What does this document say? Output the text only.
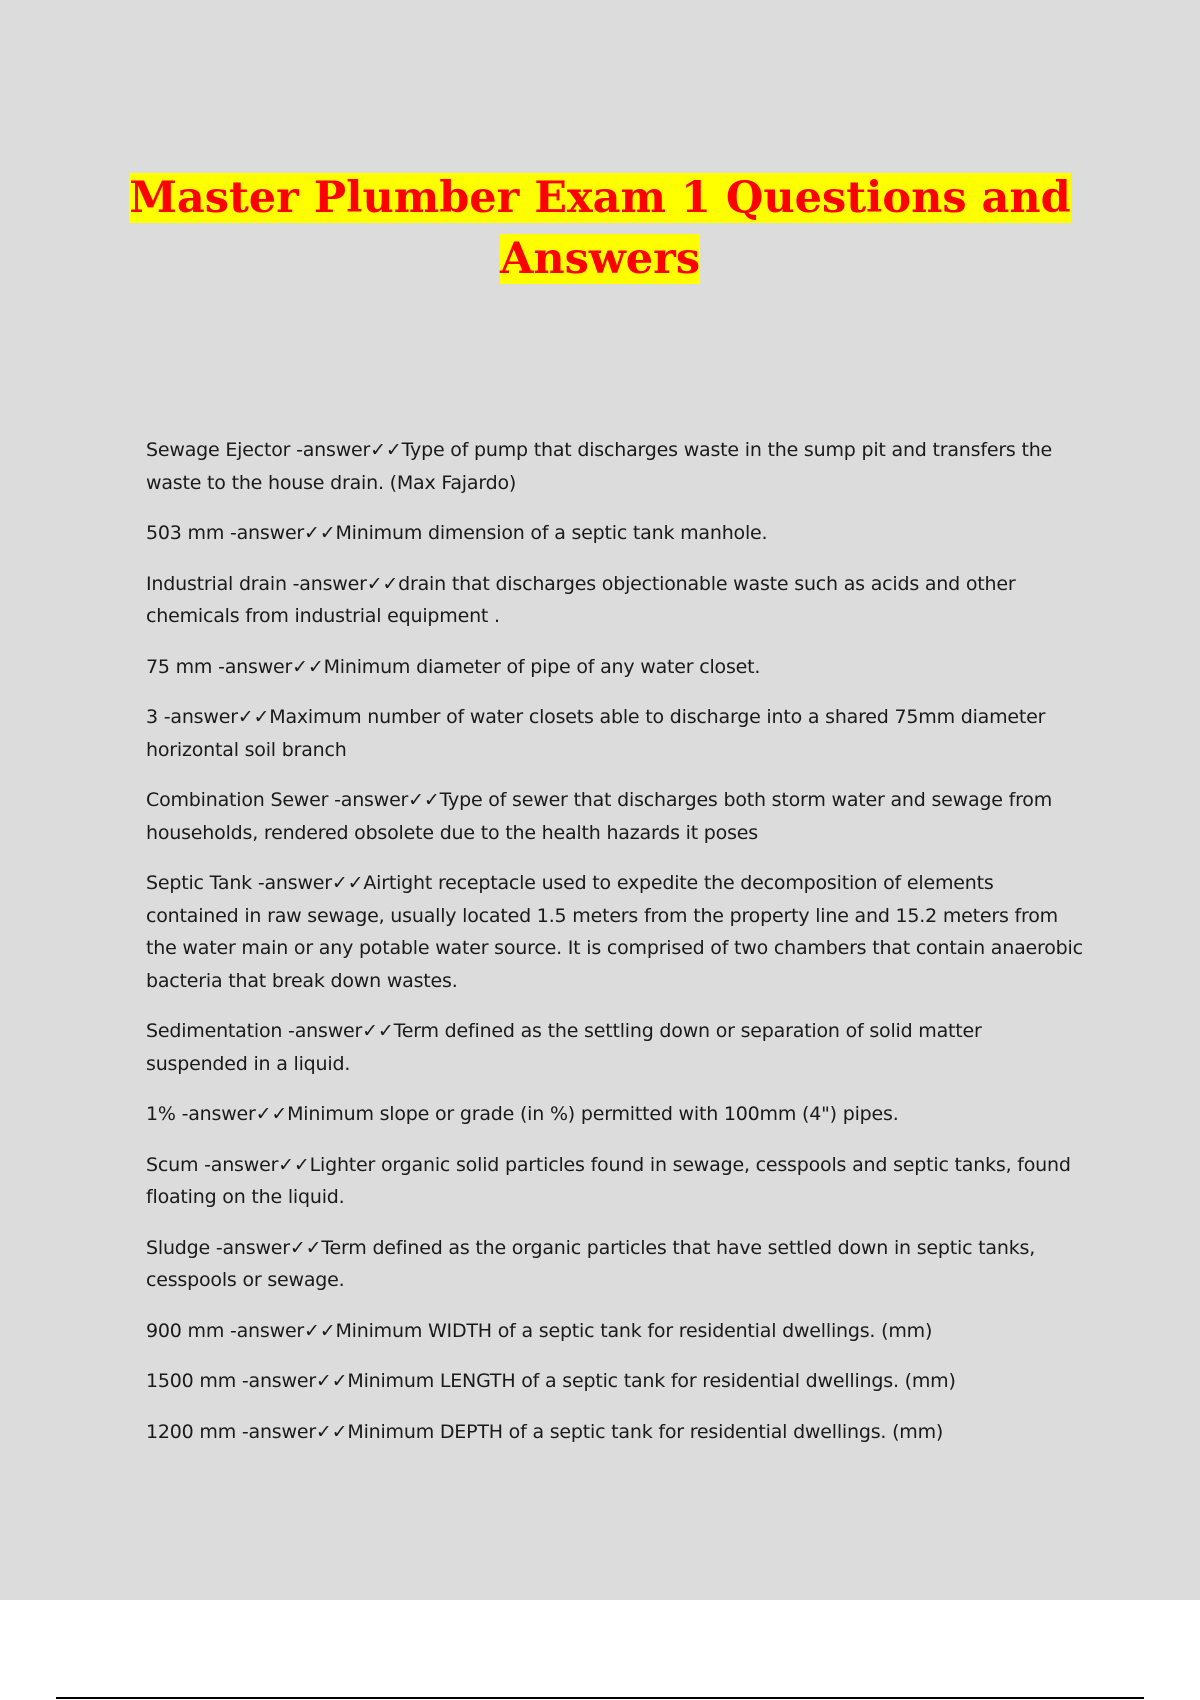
Master Plumber Exam 1 Questions and

Answers

Sewage Ejector -answer✓✓Type of pump that discharges waste in the sump pit and transfers the waste to the house drain. (Max Fajardo)
503 mm -answer✓✓Minimum dimension of a septic tank manhole.
Industrial drain -answer✓✓drain that discharges objectionable waste such as acids and other chemicals from industrial equipment .
75 mm -answer✓✓Minimum diameter of pipe of any water closet.
3 -answer✓✓Maximum number of water closets able to discharge into a shared 75mm diameter horizontal soil branch
Combination Sewer -answer✓✓Type of sewer that discharges both storm water and sewage from households, rendered obsolete due to the health hazards it poses
Septic Tank -answer✓✓Airtight receptacle used to expedite the decomposition of elements contained in raw sewage, usually located 1.5 meters from the property line and 15.2 meters from the water main or any potable water source. It is comprised of two chambers that contain anaerobic bacteria that break down wastes.
Sedimentation -answer✓✓Term defined as the settling down or separation of solid matter suspended in a liquid.
1% -answer✓✓Minimum slope or grade (in %) permitted with 100mm (4") pipes.
Scum -answer✓✓Lighter organic solid particles found in sewage, cesspools and septic tanks, found floating on the liquid.
Sludge -answer✓✓Term defined as the organic particles that have settled down in septic tanks, cesspools or sewage.
900 mm -answer✓✓Minimum WIDTH of a septic tank for residential dwellings. (mm)
1500 mm -answer✓✓Minimum LENGTH of a septic tank for residential dwellings. (mm)
1200 mm -answer✓✓Minimum DEPTH of a septic tank for residential dwellings. (mm)
